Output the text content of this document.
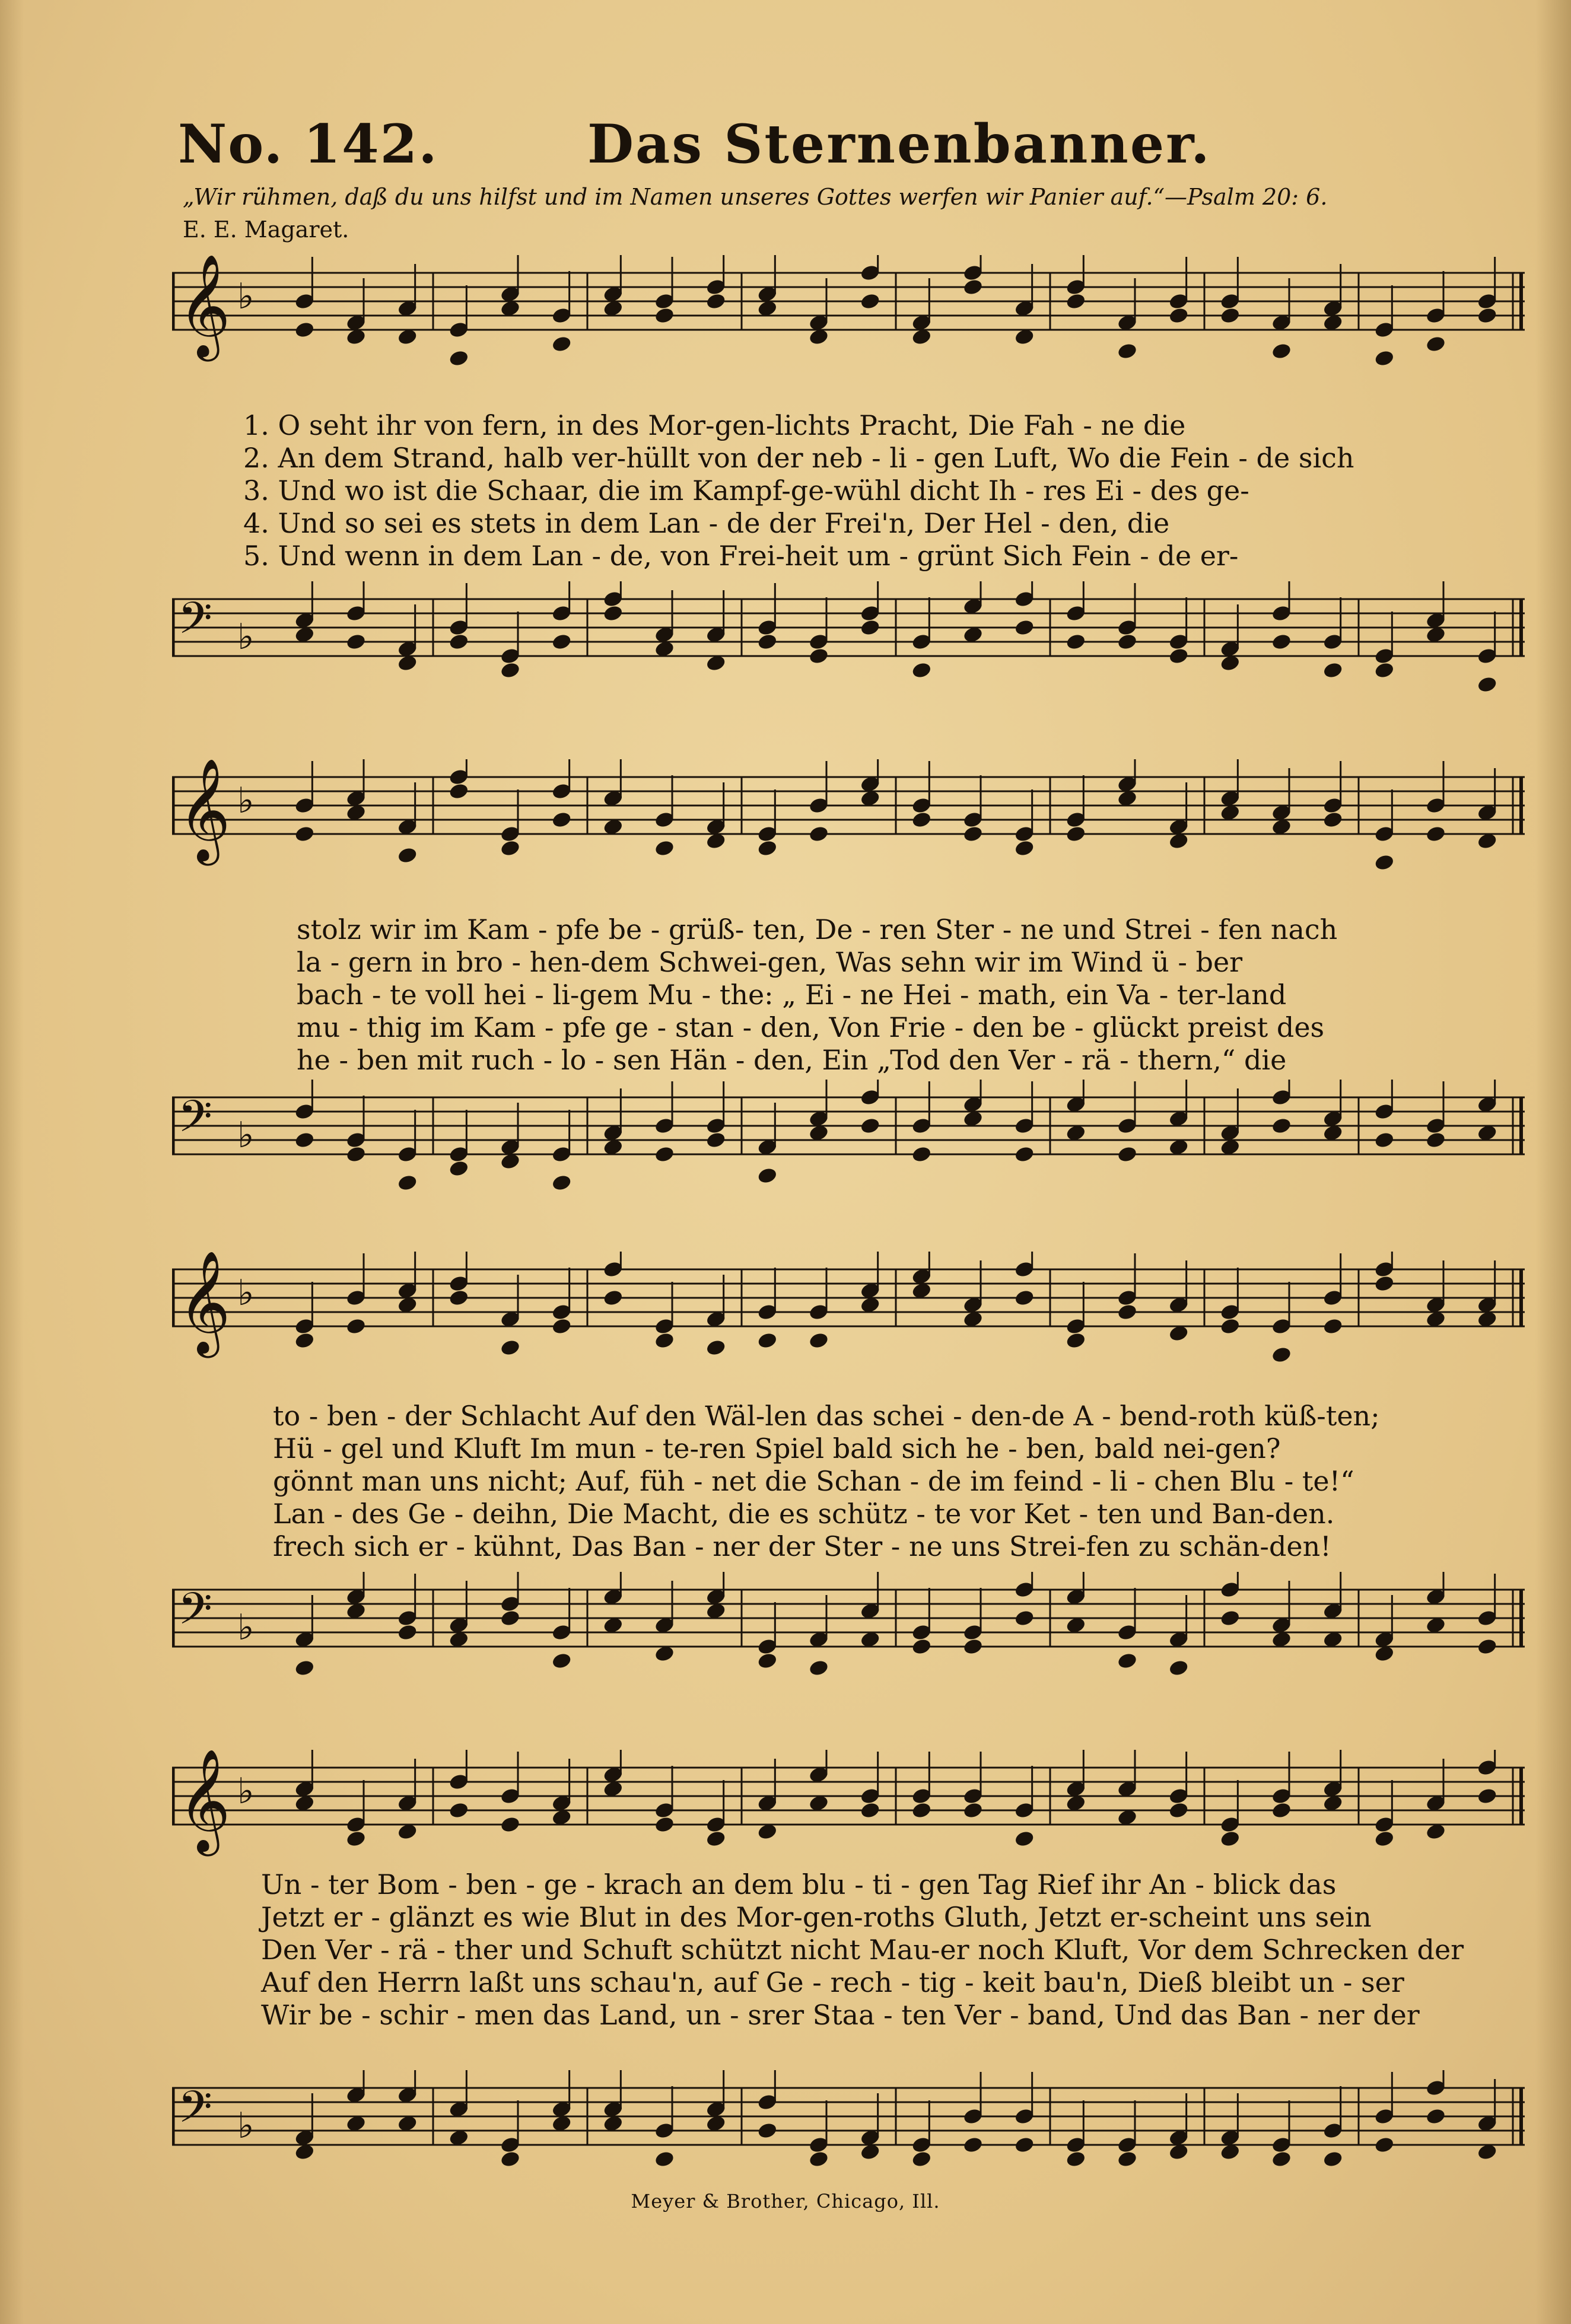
No. 142.	Das Sternenbanner.
„Wir rühmen, daß du uns hilfst und im Namen unseres Gottes werfen wir Panier auf.“—Psalm 20: 6.
E. E. Magaret.
𝄞 ♭
𝄢 ♭
1. O seht ihr von fern, in des Mor-gen-lichts Pracht, Die Fah - ne die
2. An dem Strand, halb ver-hüllt von der neb - li - gen Luft, Wo die Fein - de sich
3. Und wo ist die Schaar, die im Kampf-ge-wühl dicht Ih - res Ei - des ge-
4. Und so sei es stets in dem Lan - de der Frei'n, Der Hel - den, die
5. Und wenn in dem Lan - de, von Frei-heit um - grünt Sich Fein - de er-
𝄞 ♭
𝄢 ♭
stolz wir im Kam - pfe be - grüß- ten, De - ren Ster - ne und Strei - fen nach
la - gern in bro - hen-dem Schwei-gen, Was sehn wir im Wind ü - ber
bach - te voll hei - li-gem Mu - the: „ Ei - ne Hei - math, ein Va - ter-land
mu - thig im Kam - pfe ge - stan - den, Von Frie - den be - glückt preist des
he - ben mit ruch - lo - sen Hän - den, Ein „Tod den Ver - rä - thern,“ die
𝄞 ♭
𝄢 ♭
to - ben - der Schlacht Auf den Wäl-len das schei - den-de A - bend-roth küß-ten;
Hü - gel und Kluft Im mun - te-ren Spiel bald sich he - ben, bald nei-gen?
gönnt man uns nicht; Auf, füh - net die Schan - de im feind - li - chen Blu - te!“
Lan - des Ge - deihn, Die Macht, die es schütz - te vor Ket - ten und Ban-den.
frech sich er - kühnt, Das Ban - ner der Ster - ne uns Strei-fen zu schän-den!
𝄞 ♭
𝄢 ♭
Un - ter Bom - ben - ge - krach an dem blu - ti - gen Tag Rief ihr An - blick das
Jetzt er - glänzt es wie Blut in des Mor-gen-roths Gluth, Jetzt er-scheint uns sein
Den Ver - rä - ther und Schuft schützt nicht Mau-er noch Kluft, Vor dem Schrecken der
Auf den Herrn laßt uns schau'n, auf Ge - rech - tig - keit bau'n, Dieß bleibt un - ser
Wir be - schir - men das Land, un - srer Staa - ten Ver - band, Und das Ban - ner der
Meyer & Brother, Chicago, Ill.
